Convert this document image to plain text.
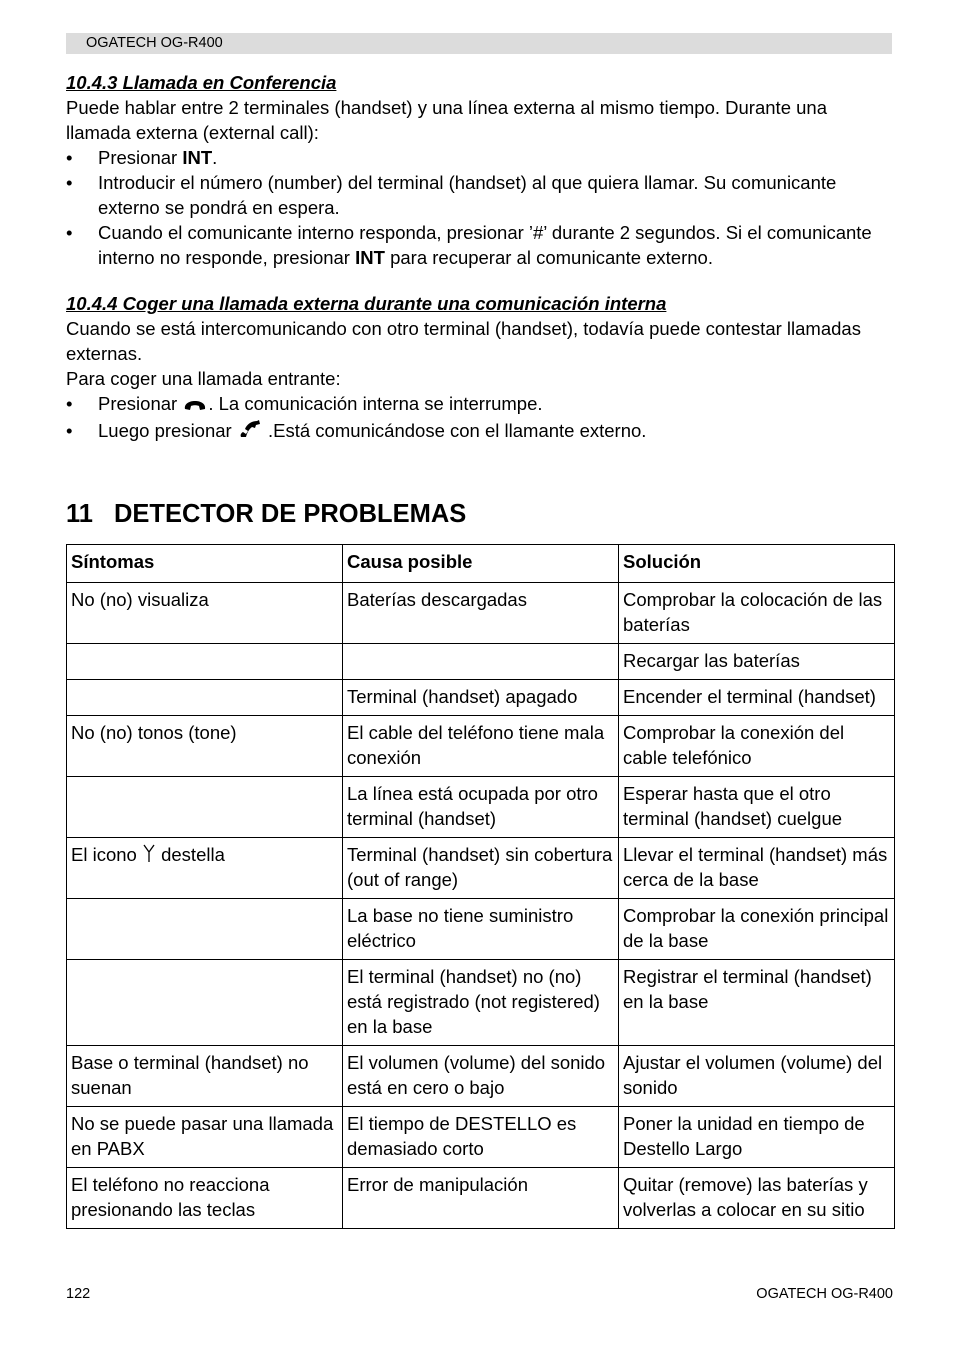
OGATECH OG-R400
10.4.3 Llamada en Conferencia

Puede hablar entre 2 terminales (handset) y una línea externa al mismo tiempo. Durante una llamada externa (external call):

• Presionar INT.
• Introducir el número (number) del terminal (handset) al que quiera llamar. Su comunicante externo se pondrá en espera.
• Cuando el comunicante interno responda, presionar ’#’ durante 2 segundos. Si el comunicante interno no responde, presionar INT para recuperar al comunicante externo.
10.4.4 Coger una llamada externa durante una comunicación interna

Cuando se está intercomunicando con otro terminal (handset), todavía puede contestar llamadas externas.

Para coger una llamada entrante:

• Presionar . La comunicación interna se interrumpe.
• Luego presionar  .Está comunicándose con el llamante externo.
11 DETECTOR DE PROBLEMAS
Síntomas	Causa posible	Solución
No (no) visualiza	Baterías descargadas	Comprobar la colocación de las baterías
		Recargar las baterías
	Terminal (handset) apagado	Encender el terminal (handset)
No (no) tonos (tone)	El cable del teléfono tiene mala conexión	Comprobar la conexión del cable telefónico
	La línea está ocupada por otro terminal (handset)	Esperar hasta que el otro terminal (handset) cuelgue
El icono  destella	Terminal (handset) sin cobertura (out of range)	Llevar el terminal (handset) más cerca de la base
	La base no tiene suministro eléctrico	Comprobar la conexión principal de la base
	El terminal (handset) no (no) está registrado (not registered) en la base	Registrar el terminal (handset) en la base
Base o terminal (handset) no suenan	El volumen (volume) del sonido está en cero o bajo	Ajustar el volumen (volume) del sonido
No se puede pasar una llamada en PABX	El tiempo de DESTELLO es demasiado corto	Poner la unidad en tiempo de Destello Largo
El teléfono no reacciona presionando las teclas	Error de manipulación	Quitar (remove) las baterías y volverlas a colocar en su sitio
122	OGATECH OG-R400
